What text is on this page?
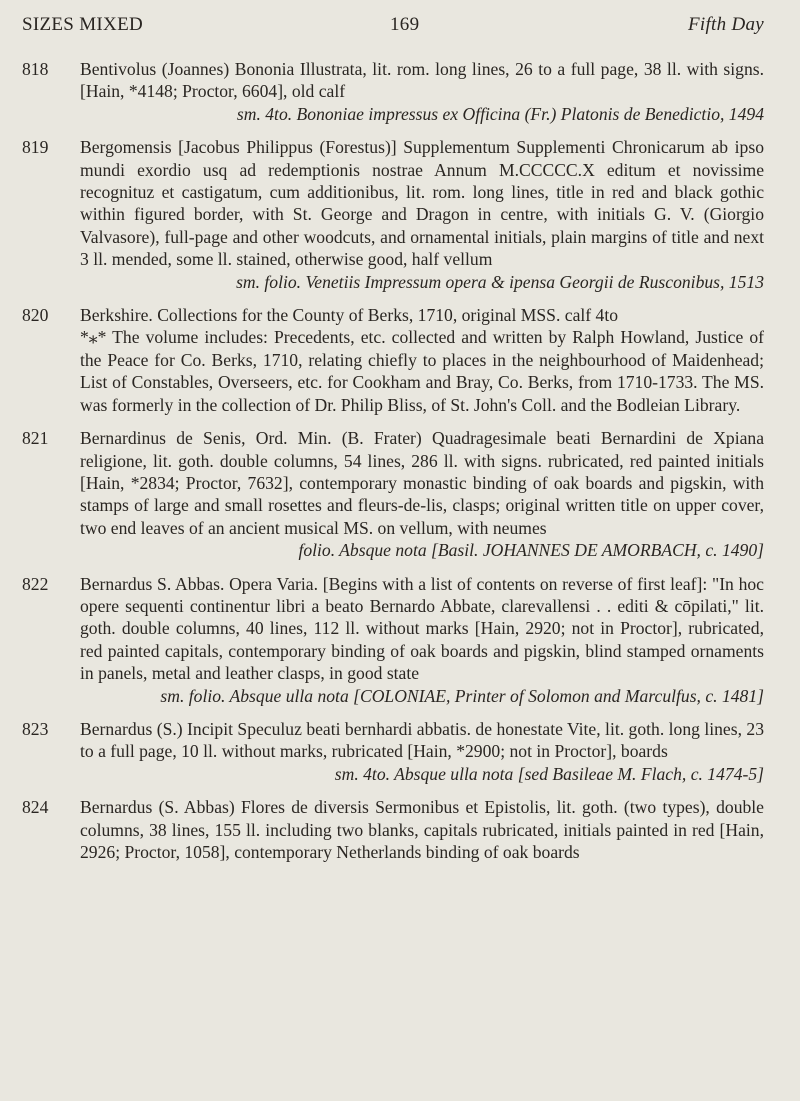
SIZES MIXED	169	Fifth Day
818	Bentivolus (Joannes) Bononia Illustrata, lit. rom. long lines, 26 to a full page, 38 ll. with signs. [Hain, *4148; Proctor, 6604], old calf
sm. 4to. Bononiae impressus ex Officina (Fr.) Platonis de Benedictio, 1494
819	Bergomensis [Jacobus Philippus (Forestus)] Supplementum Supplementi Chronicarum ab ipso mundi exordio usq ad redemptionis nostrae Annum M.CCCCC.X editum et novissime recognituz et castigatum, cum additionibus, lit. rom. long lines, title in red and black gothic within figured border, with St. George and Dragon in centre, with initials G. V. (Giorgio Valvasore), full-page and other woodcuts, and ornamental initials, plain margins of title and next 3 ll. mended, some ll. stained, otherwise good, half vellum
sm. folio. Venetiis Impressum opera & ipensa Georgii de Rusconibus, 1513
820	Berkshire. Collections for the County of Berks, 1710, original MSS. calf 4to
*⁎* The volume includes: Precedents, etc. collected and written by Ralph Howland, Justice of the Peace for Co. Berks, 1710, relating chiefly to places in the neighbourhood of Maidenhead; List of Constables, Overseers, etc. for Cookham and Bray, Co. Berks, from 1710-1733. The MS. was formerly in the collection of Dr. Philip Bliss, of St. John's Coll. and the Bodleian Library.
821	Bernardinus de Senis, Ord. Min. (B. Frater) Quadragesimale beati Bernardini de Xpiana religione, lit. goth. double columns, 54 lines, 286 ll. with signs. rubricated, red painted initials [Hain, *2834; Proctor, 7632], contemporary monastic binding of oak boards and pigskin, with stamps of large and small rosettes and fleurs-de-lis, clasps; original written title on upper cover, two end leaves of an ancient musical MS. on vellum, with neumes
folio. Absque nota [Basil. JOHANNES DE AMORBACH, c. 1490]
822	Bernardus S. Abbas. Opera Varia. [Begins with a list of contents on reverse of first leaf]: "In hoc opere sequenti continentur libri a beato Bernardo Abbate, clarevallensi . . editi & cōpilati," lit. goth. double columns, 40 lines, 112 ll. without marks [Hain, 2920; not in Proctor], rubricated, red painted capitals, contemporary binding of oak boards and pigskin, blind stamped ornaments in panels, metal and leather clasps, in good state
sm. folio. Absque ulla nota [COLONIAE, Printer of Solomon and Marculfus, c. 1481]
823	Bernardus (S.) Incipit Speculuz beati bernhardi abbatis. de honestate Vite, lit. goth. long lines, 23 to a full page, 10 ll. without marks, rubricated [Hain, *2900; not in Proctor], boards
sm. 4to. Absque ulla nota [sed Basileae M. Flach, c. 1474-5]
824	Bernardus (S. Abbas) Flores de diversis Sermonibus et Epistolis, lit. goth. (two types), double columns, 38 lines, 155 ll. including two blanks, capitals rubricated, initials painted in red [Hain, 2926; Proctor, 1058], contemporary Netherlands binding of oak boards
